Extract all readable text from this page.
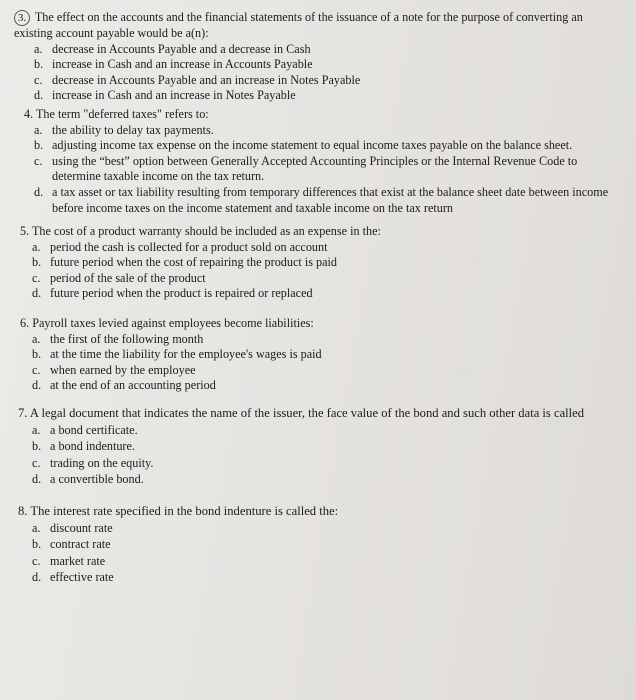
. . . . . . . .
. . . . . . .
. . . . . . . . .
. . . . . . . . . . . . .
. . .
3. The effect on the accounts and the financial statements of the issuance of a note for the purpose of converting an existing account payable would be a(n):
a. decrease in Accounts Payable and a decrease in Cash
b. increase in Cash and an increase in Accounts Payable
c. decrease in Accounts Payable and an increase in Notes Payable
d. increase in Cash and an increase in Notes Payable
4. The term "deferred taxes" refers to:
a. the ability to delay tax payments.
b. adjusting income tax expense on the income statement to equal income taxes payable on the balance sheet.
c. using the “best” option between Generally Accepted Accounting Principles or the Internal Revenue Code to determine taxable income on the tax return.
d. a tax asset or tax liability resulting from temporary differences that exist at the balance sheet date between income before income taxes on the income statement and taxable income on the tax return
5. The cost of a product warranty should be included as an expense in the:
a. period the cash is collected for a product sold on account
b. future period when the cost of repairing the product is paid
c. period of the sale of the product
d. future period when the product is repaired or replaced
6. Payroll taxes levied against employees become liabilities:
a. the first of the following month
b. at the time the liability for the employee's wages is paid
c. when earned by the employee
d. at the end of an accounting period
7. A legal document that indicates the name of the issuer, the face value of the bond and such other data is called
a. a bond certificate.
b. a bond indenture.
c. trading on the equity.
d. a convertible bond.
8. The interest rate specified in the bond indenture is called the:
a. discount rate
b. contract rate
c. market rate
d. effective rate
